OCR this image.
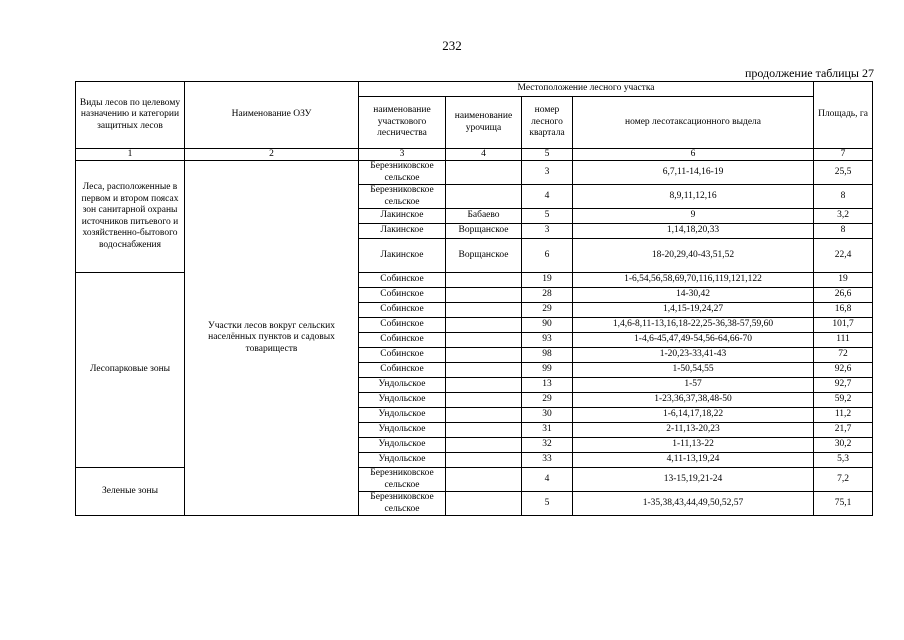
232
продолжение таблицы 27
Виды лесов по целевому назначению и категории защитных лесов	Наименование ОЗУ	Местоположение лесного участка				Площадь, га
		наименование участкового лесничества	наименование урочища	номер лесного квартала	номер лесотаксационного выдела	
1	2	3	4	5	6	7
Леса, расположенные в первом и втором поясах зон санитарной охраны источников питьевого и хозяйственно-бытового водоснабжения	Участки лесов вокруг сельских населённых пунктов и садовых товариществ	Березниковское сельское		3	6,7,11-14,16-19	25,5
		Березниковское сельское		4	8,9,11,12,16	8
		Лакинское	Бабаево	5	9	3,2
		Лакинское	Ворщанское	3	1,14,18,20,33	8
		Лакинское	Ворщанское	6	18-20,29,40-43,51,52	22,4
Лесопарковые зоны		Собинское		19	1-6,54,56,58,69,70,116,119,121,122	19
		Собинское		28	14-30,42	26,6
		Собинское		29	1,4,15-19,24,27	16,8
		Собинское		90	1,4,6-8,11-13,16,18-22,25-36,38-57,59,60	101,7
		Собинское		93	1-4,6-45,47,49-54,56-64,66-70	111
		Собинское		98	1-20,23-33,41-43	72
		Собинское		99	1-50,54,55	92,6
		Ундольское		13	1-57	92,7
		Ундольское		29	1-23,36,37,38,48-50	59,2
		Ундольское		30	1-6,14,17,18,22	11,2
		Ундольское		31	2-11,13-20,23	21,7
		Ундольское		32	1-11,13-22	30,2
		Ундольское		33	4,11-13,19,24	5,3
Зеленые зоны		Березниковское сельское		4	13-15,19,21-24	7,2
		Березниковское сельское		5	1-35,38,43,44,49,50,52,57	75,1
